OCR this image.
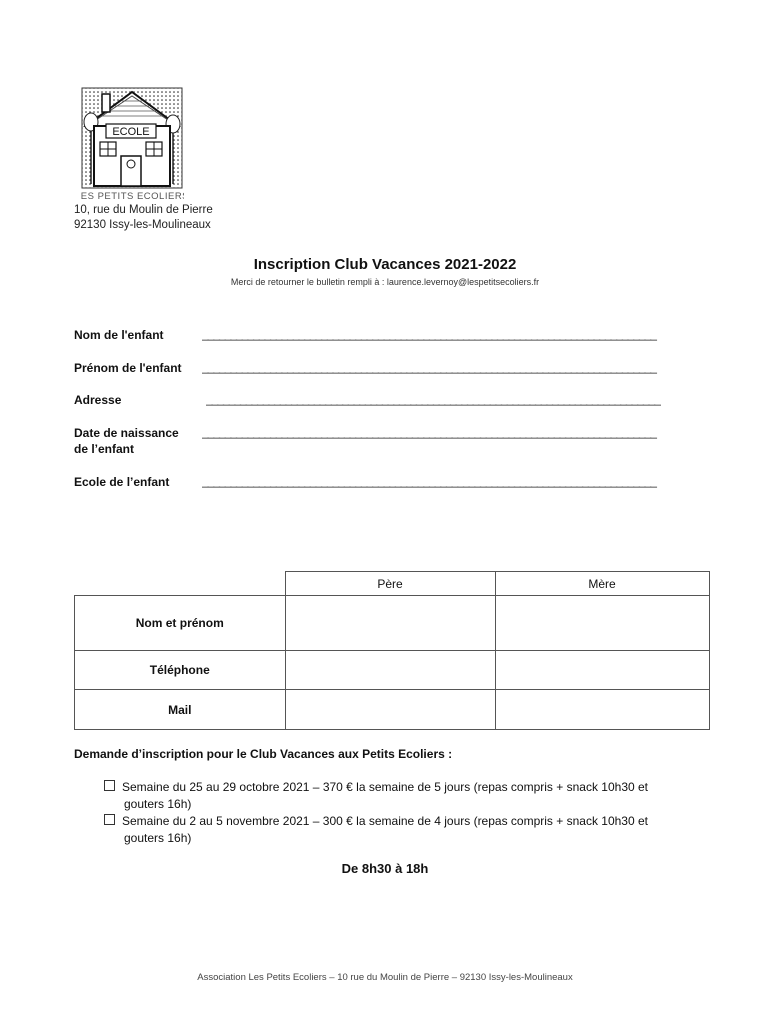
ECOLE
LES PETITS ECOLIERS
10, rue du Moulin de Pierre
92130 Issy-les-Moulineaux
Inscription Club Vacances 2021-2022
Merci de retourner le bulletin rempli à : laurence.levernoy@lespetitsecoliers.fr
Nom de l'enfant	________________________________________________________________________________
Prénom de l'enfant	________________________________________________________________________________
Adresse	________________________________________________________________________________
Date de naissance de l’enfant
________________________________________________________________________________
Ecole de l’enfant	________________________________________________________________________________
	Père	Mère
Nom et prénom		
Téléphone		
Mail		
Demande d’inscription pour le Club Vacances aux Petits Ecoliers :
Semaine du 25 au 29 octobre 2021 – 370 € la semaine de 5 jours (repas compris + snack 10h30 et
gouters 16h)
Semaine du 2 au 5 novembre 2021 – 300 € la semaine de 4 jours (repas compris + snack 10h30 et
gouters 16h)
De 8h30 à 18h
Association Les Petits Ecoliers – 10 rue du Moulin de Pierre – 92130 Issy-les-Moulineaux
